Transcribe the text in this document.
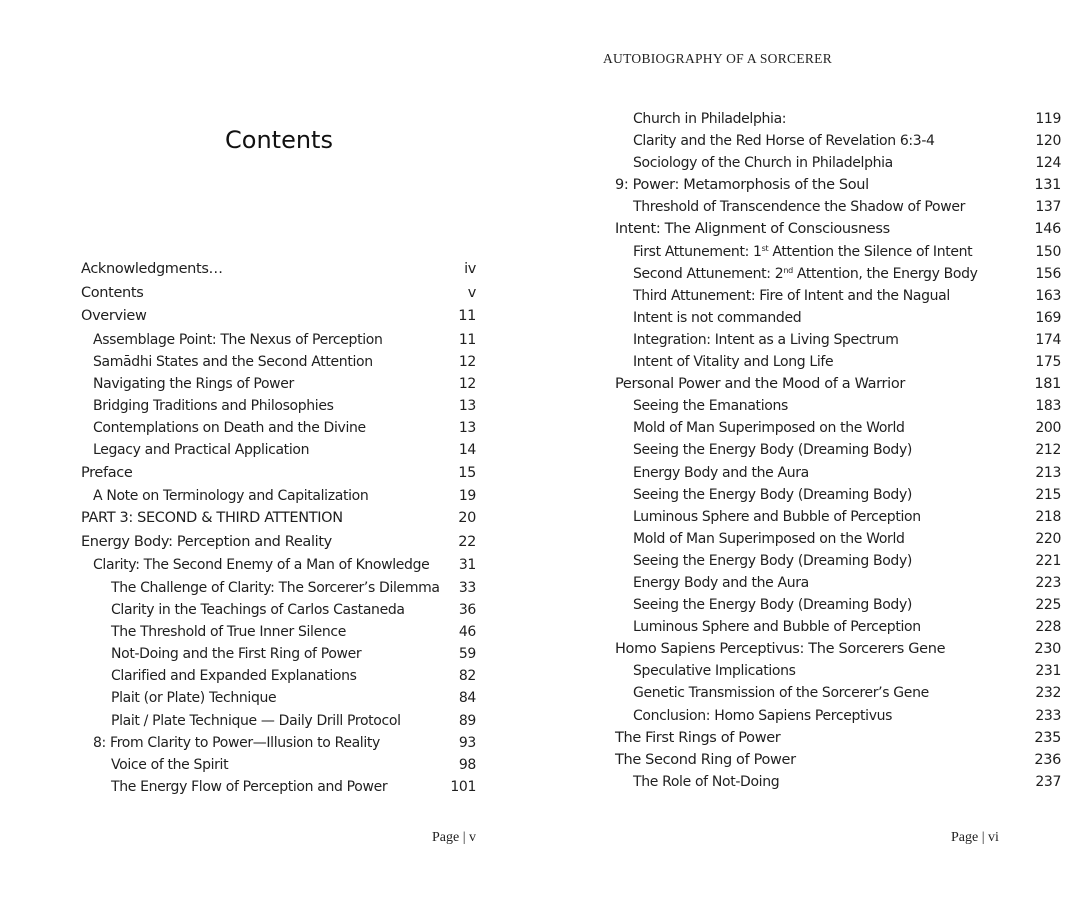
Contents
Acknowledgments…	iv
Contents	v
Overview	11
Assemblage Point: The Nexus of Perception	11
Samādhi States and the Second Attention	12
Navigating the Rings of Power	12
Bridging Traditions and Philosophies	13
Contemplations on Death and the Divine	13
Legacy and Practical Application	14
Preface	15
A Note on Terminology and Capitalization	19
PART 3: SECOND & THIRD ATTENTION	20
Energy Body: Perception and Reality	22
Clarity: The Second Enemy of a Man of Knowledge 31
The Challenge of Clarity: The Sorcerer’s Dilemma 33
Clarity in the Teachings of Carlos Castaneda	36
The Threshold of True Inner Silence	46
Not-Doing and the First Ring of Power	59
Clarified and Expanded Explanations	82
Plait (or Plate) Technique	84
Plait / Plate Technique — Daily Drill Protocol	89
8: From Clarity to Power—Illusion to Reality	93
Voice of the Spirit	98
The Energy Flow of Perception and Power	101
Page | v
AUTOBIOGRAPHY OF A SORCERER
Church in Philadelphia:	119
Clarity and the Red Horse of Revelation 6:3-4	120
Sociology of the Church in Philadelphia	124
9: Power: Metamorphosis of the Soul	131
Threshold of Transcendence the Shadow of Power	137
Intent: The Alignment of Consciousness	146
First Attunement: 1st Attention the Silence of Intent	150
Second Attunement: 2nd Attention, the Energy Body	156
Third Attunement: Fire of Intent and the Nagual	163
Intent is not commanded	169
Integration: Intent as a Living Spectrum	174
Intent of Vitality and Long Life	175
Personal Power and the Mood of a Warrior	181
Seeing the Emanations	183
Mold of Man Superimposed on the World	200
Seeing the Energy Body (Dreaming Body)	212
Energy Body and the Aura	213
Seeing the Energy Body (Dreaming Body)	215
Luminous Sphere and Bubble of Perception	218
Mold of Man Superimposed on the World	220
Seeing the Energy Body (Dreaming Body)	221
Energy Body and the Aura	223
Seeing the Energy Body (Dreaming Body)	225
Luminous Sphere and Bubble of Perception	228
Homo Sapiens Perceptivus: The Sorcerers Gene	230
Speculative Implications	231
Genetic Transmission of the Sorcerer’s Gene	232
Conclusion: Homo Sapiens Perceptivus	233
The First Rings of Power	235
The Second Ring of Power	236
The Role of Not-Doing	237
Page | vi
